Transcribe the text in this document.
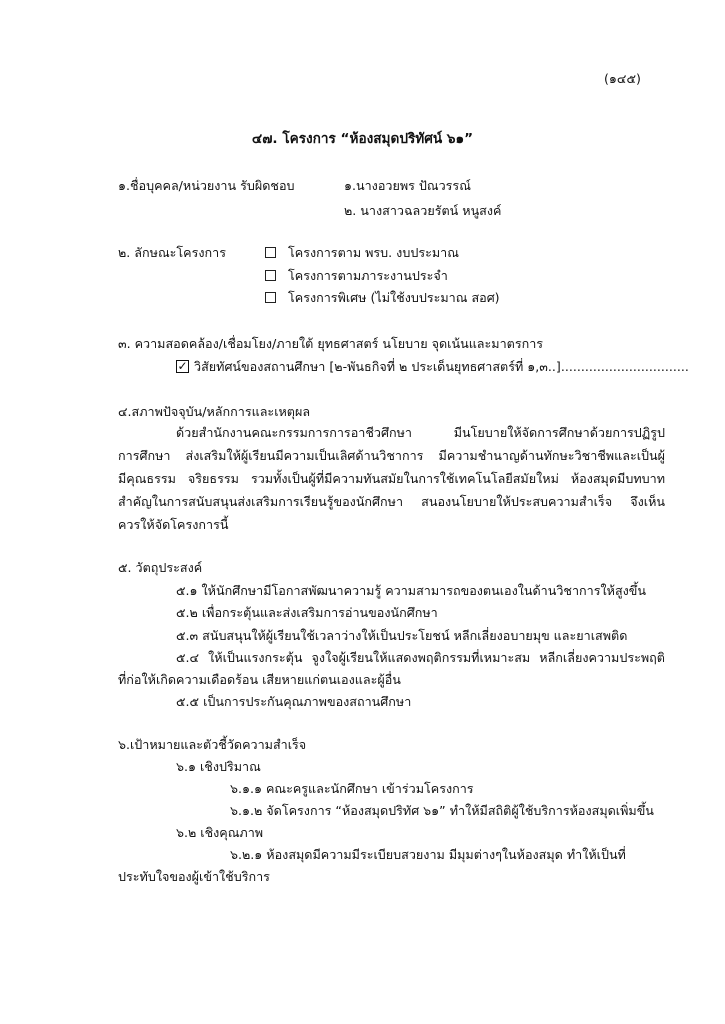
(๑๔๕)
๔๗. โครงการ “ห้องสมุดปริทัศน์ ๖๑”
๑.ชื่อบุคคล/หน่วยงาน รับผิดชอบ	๑.นางอวยพร ปัณวรรณ์
๒. นางสาวฉลวยรัตน์ หนูสงค์
๒. ลักษณะโครงการ	โครงการตาม พรบ. งบประมาณ
โครงการตามภาระงานประจำ
โครงการพิเศษ (ไม่ใช้งบประมาณ สอศ)
๓. ความสอดคล้อง/เชื่อมโยง/ภายใต้ ยุทธศาสตร์ นโยบาย จุดเน้นและมาตรการ
✓ วิสัยทัศน์ของสถานศึกษา [๒-พันธกิจที่ ๒ ประเด็นยุทธศาสตร์ที่ ๑,๓..]................................
๔.สภาพปัจจุบัน/หลักการและเหตุผล
ด้วยสำนักงานคณะกรรมการการอาชีวศึกษา มีนโยบายให้จัดการศึกษาด้วยการปฏิรูป
การศึกษา ส่งเสริมให้ผู้เรียนมีความเป็นเลิศด้านวิชาการ มีความชำนาญด้านทักษะวิชาชีพและเป็นผู้
มีคุณธรรม จริยธรรม รวมทั้งเป็นผู้ที่มีความทันสมัยในการใช้เทคโนโลยีสมัยใหม่ ห้องสมุดมีบทบาท
สำคัญในการสนับสนุนส่งเสริมการเรียนรู้ของนักศึกษา สนองนโยบายให้ประสบความสำเร็จ จึงเห็น
ควรให้จัดโครงการนี้
๕. วัตถุประสงค์
๕.๑ ให้นักศึกษามีโอกาสพัฒนาความรู้ ความสามารถของตนเองในด้านวิชาการให้สูงขึ้น
๕.๒ เพื่อกระตุ้นและส่งเสริมการอ่านของนักศึกษา
๕.๓ สนับสนุนให้ผู้เรียนใช้เวลาว่างให้เป็นประโยชน์ หลีกเลี่ยงอบายมุข และยาเสพติด
๕.๔ ให้เป็นแรงกระตุ้น จูงใจผู้เรียนให้แสดงพฤติกรรมที่เหมาะสม หลีกเลี่ยงความประพฤติ
ที่ก่อให้เกิดความเดือดร้อน เสียหายแก่ตนเองและผู้อื่น
๕.๕ เป็นการประกันคุณภาพของสถานศึกษา
๖.เป้าหมายและตัวชี้วัดความสำเร็จ
๖.๑ เชิงปริมาณ
๖.๑.๑ คณะครูและนักศึกษา เข้าร่วมโครงการ
๖.๑.๒ จัดโครงการ “ห้องสมุดปริทัศ ๖๑” ทำให้มีสถิติผู้ใช้บริการห้องสมุดเพิ่มขึ้น
๖.๒ เชิงคุณภาพ
๖.๒.๑ ห้องสมุดมีความมีระเบียบสวยงาม มีมุมต่างๆในห้องสมุด ทำให้เป็นที่
ประทับใจของผู้เข้าใช้บริการ
